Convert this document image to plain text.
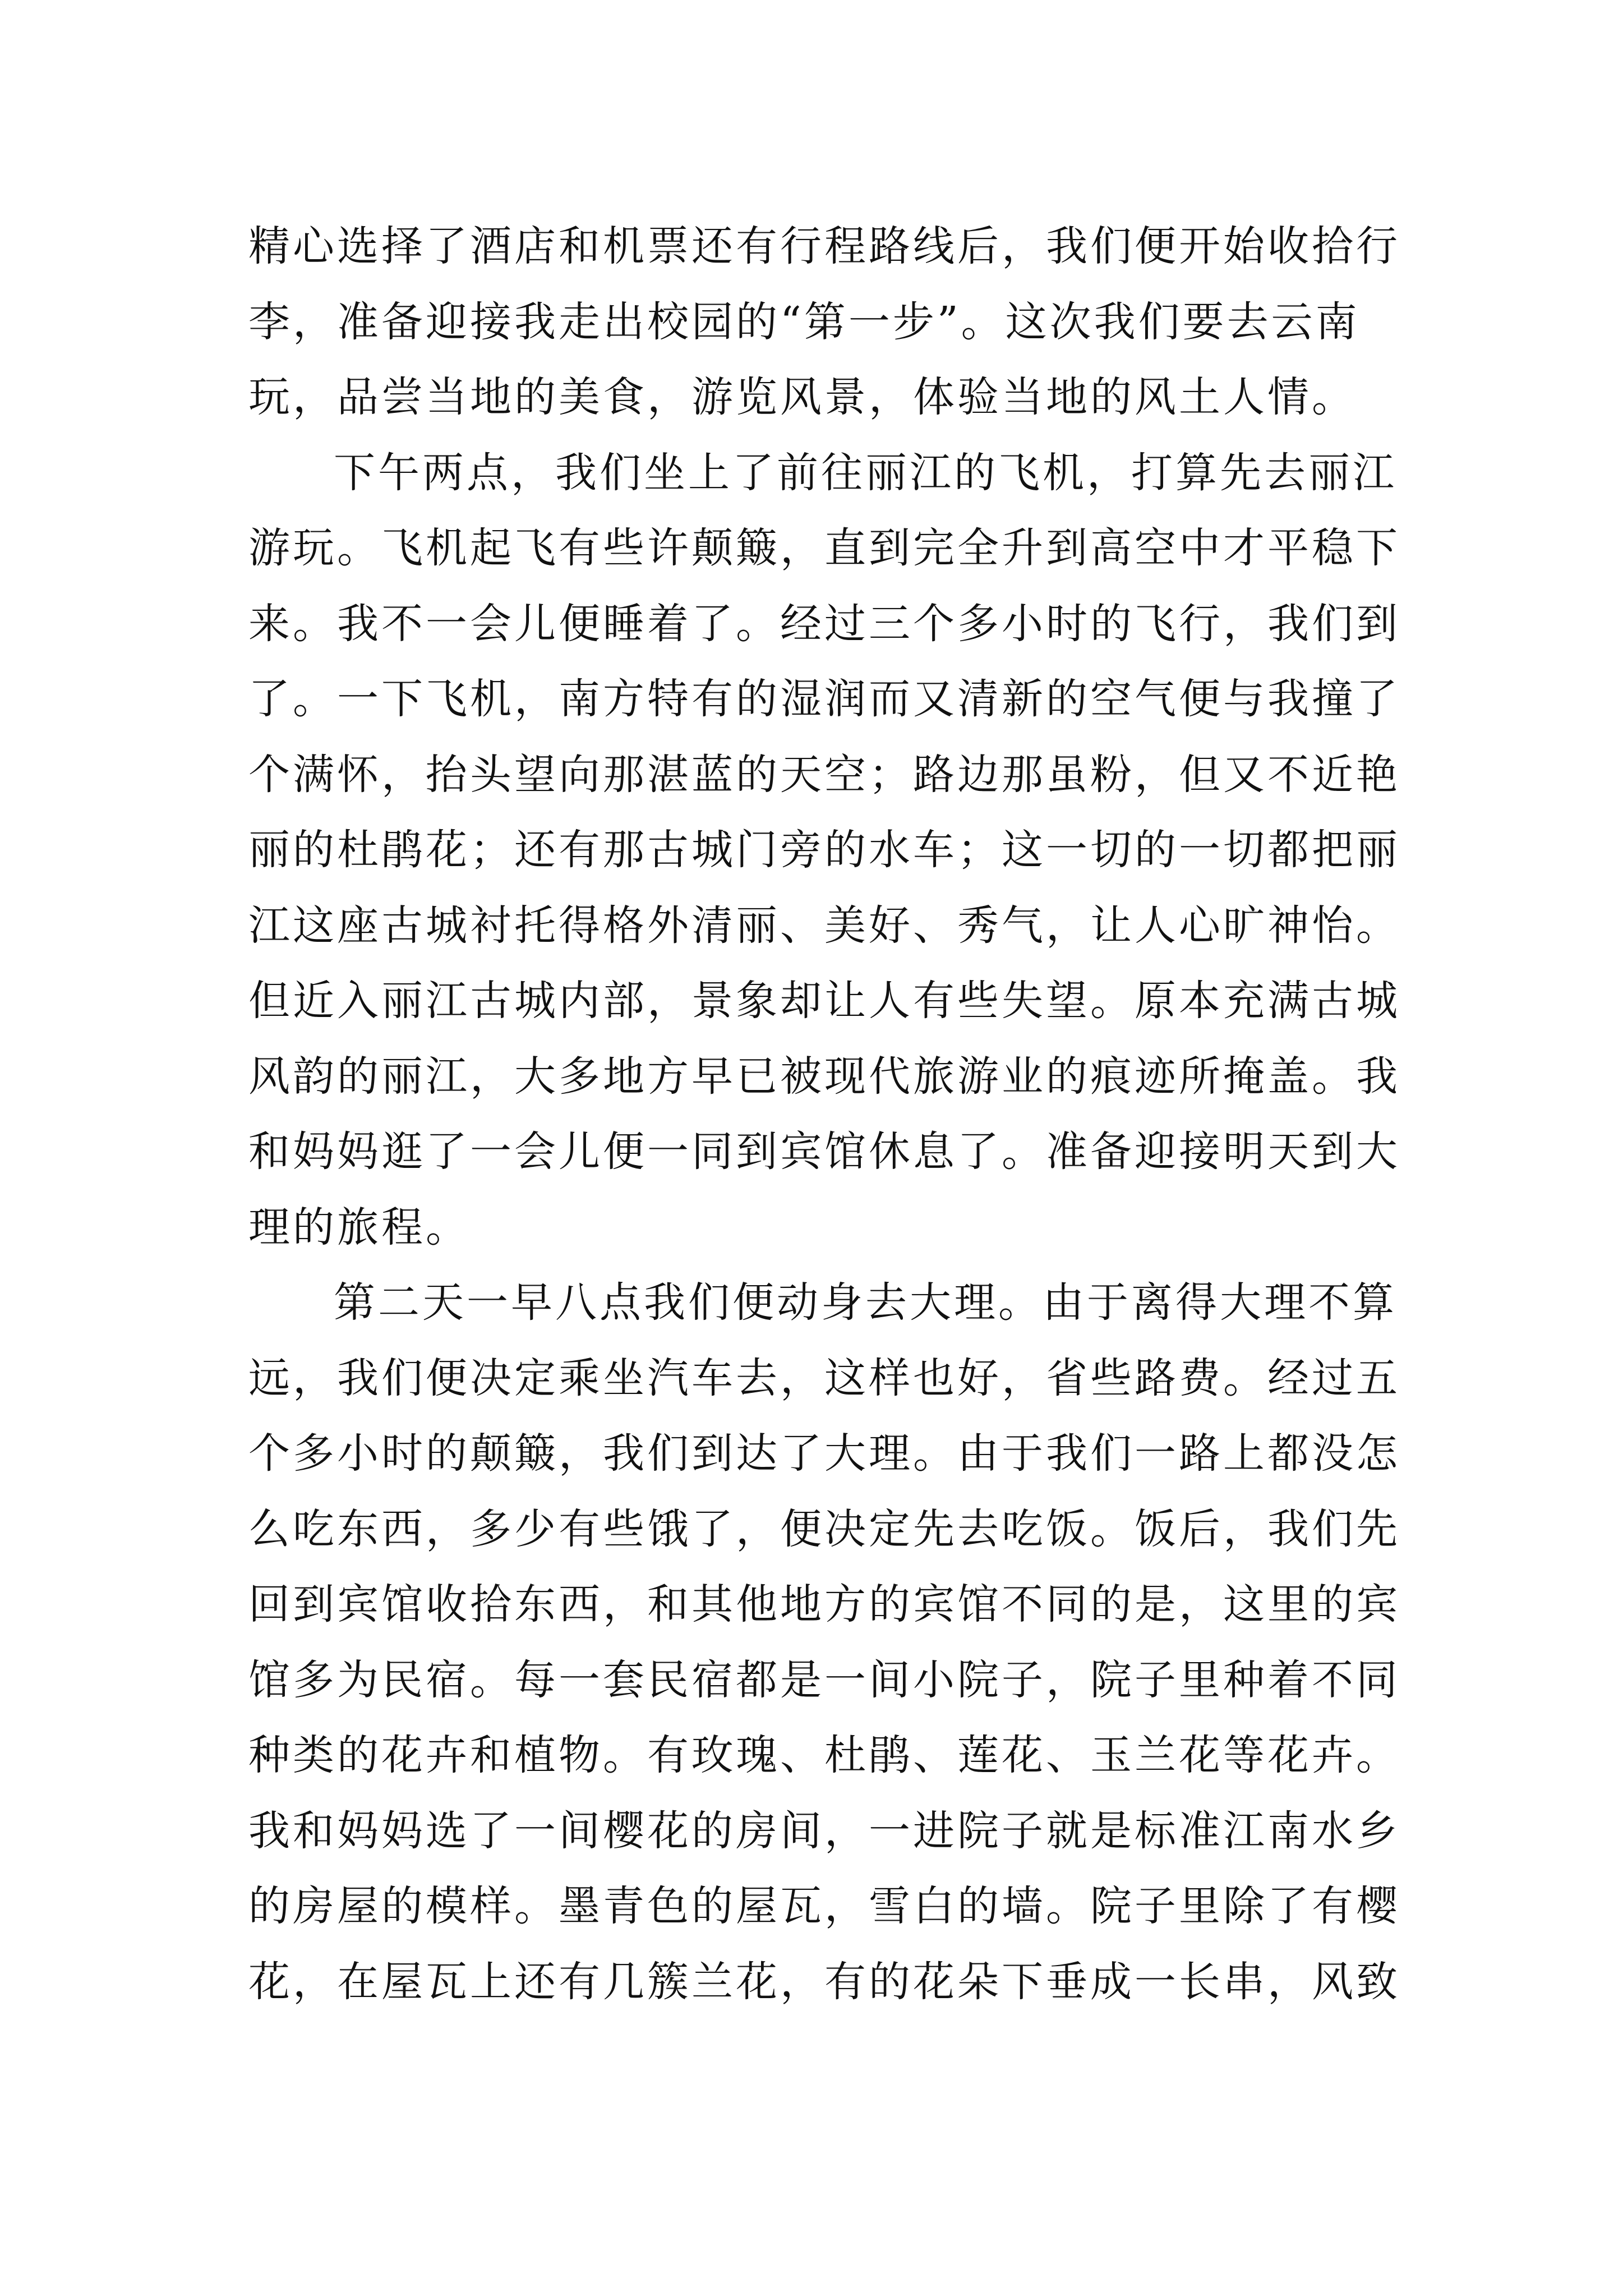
精心选择了酒店和机票还有行程路线后，我们便开始收拾行
李，准备迎接我走出校园的“第一步”。这次我们要去云南
玩，品尝当地的美食，游览风景，体验当地的风土人情。
下午两点，我们坐上了前往丽江的飞机，打算先去丽江
游玩。飞机起飞有些许颠簸，直到完全升到高空中才平稳下
来。我不一会儿便睡着了。经过三个多小时的飞行，我们到
了。一下飞机，南方特有的湿润而又清新的空气便与我撞了
个满怀，抬头望向那湛蓝的天空；路边那虽粉，但又不近艳
丽的杜鹃花；还有那古城门旁的水车；这一切的一切都把丽
江这座古城衬托得格外清丽、美好、秀气，让人心旷神怡。
但近入丽江古城内部，景象却让人有些失望。原本充满古城
风韵的丽江，大多地方早已被现代旅游业的痕迹所掩盖。我
和妈妈逛了一会儿便一同到宾馆休息了。准备迎接明天到大
理的旅程。
第二天一早八点我们便动身去大理。由于离得大理不算
远，我们便决定乘坐汽车去，这样也好，省些路费。经过五
个多小时的颠簸，我们到达了大理。由于我们一路上都没怎
么吃东西，多少有些饿了，便决定先去吃饭。饭后，我们先
回到宾馆收拾东西，和其他地方的宾馆不同的是，这里的宾
馆多为民宿。每一套民宿都是一间小院子，院子里种着不同
种类的花卉和植物。有玫瑰、杜鹃、莲花、玉兰花等花卉。
我和妈妈选了一间樱花的房间，一进院子就是标准江南水乡
的房屋的模样。墨青色的屋瓦，雪白的墙。院子里除了有樱
花，在屋瓦上还有几簇兰花，有的花朵下垂成一长串，风致
